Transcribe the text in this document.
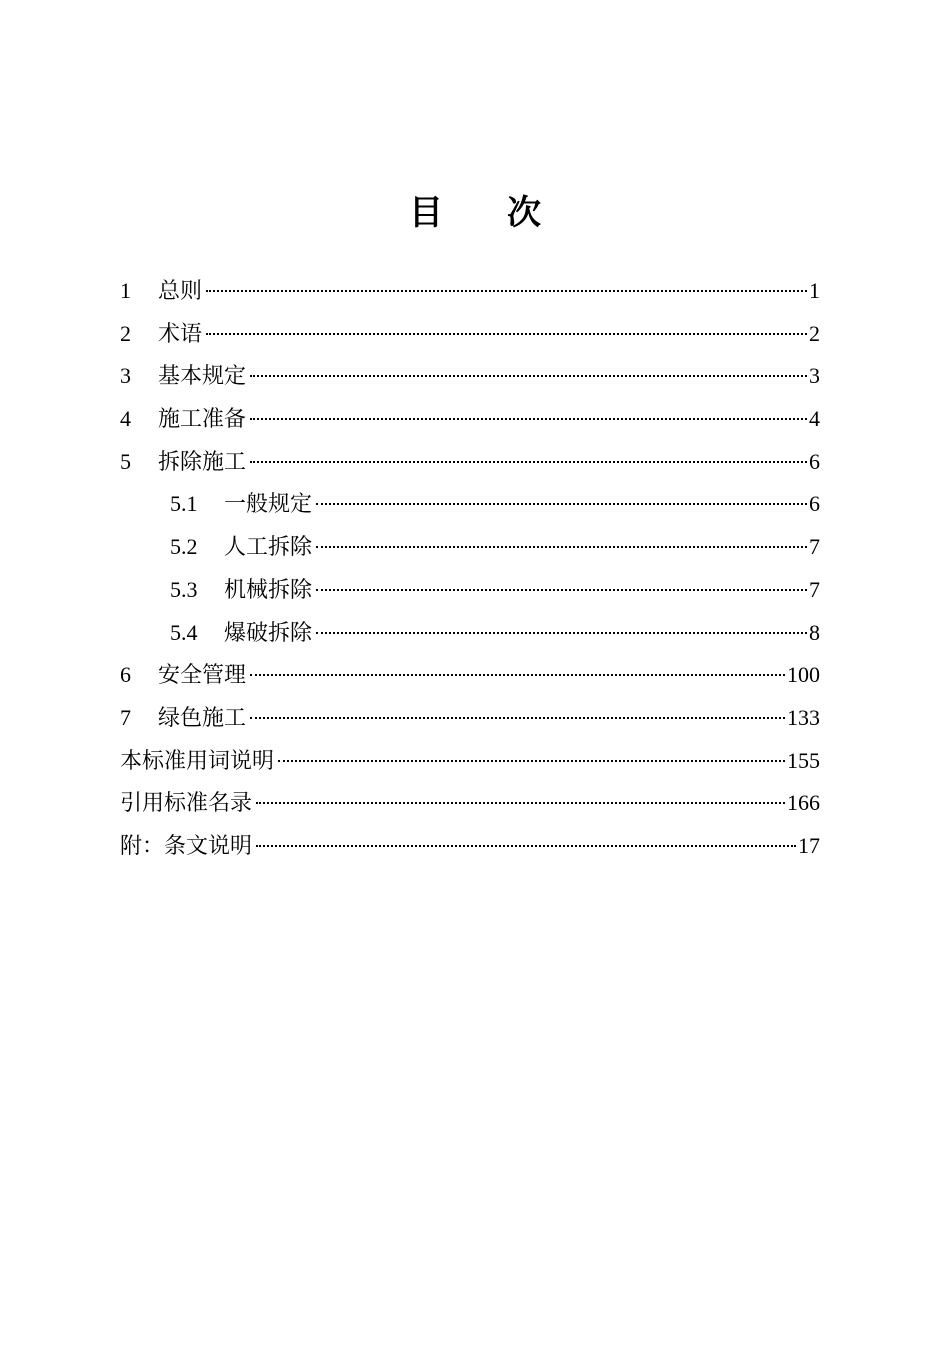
目 次
1	总则	1
2	术语	2
3	基本规定	3
4	施工准备	4
5	拆除施工	6
5.1	一般规定	6
5.2	人工拆除	7
5.3	机械拆除	7
5.4	爆破拆除	8
6	安全管理	100
7	绿色施工	133
本标准用词说明	155
引用标准名录	166
附：条文说明	17
